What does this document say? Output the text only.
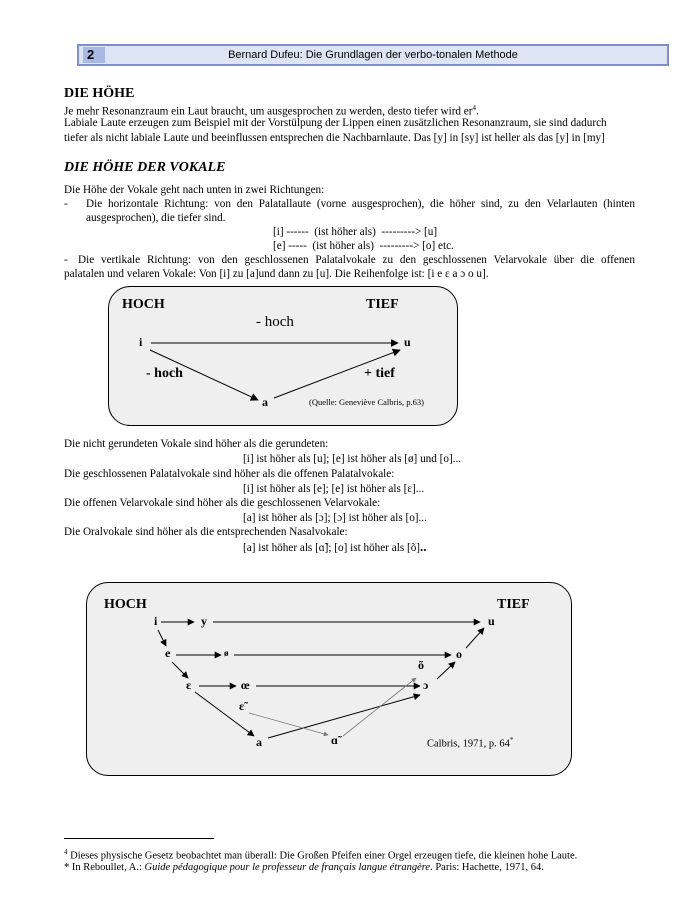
2	Bernard Dufeu: Die Grundlagen der verbo-tonalen Methode
DIE HÖHE
Je mehr Resonanzraum ein Laut braucht, um ausgesprochen zu werden, desto tiefer wird $er^4$.
Labiale Laute erzeugen zum Beispiel mit der Vorstülpung der Lippen einen zusätzlichen Resonanzraum, sie sind dadurch
tiefer als nicht labiale Laute und beeinflussen entsprechen die Nachbarnlaute. Das [y] in [sy] ist heller als das [y] in [my]
DIE HÖHE DER VOKALE
Die Höhe der Vokale geht nach unten in zwei Richtungen:
- Die horizontale Richtung: von den Palatallaute (vorne ausgesprochen), die höher sind, zu den Velarlauten (hinten
ausgesprochen), die tiefer sind.
[i] ------  (ist höher als)  ---------> [u]
[e] -----  (ist höher als)  ---------> [o] etc.
- Die vertikale Richtung: von den geschlossenen Palatalvokale zu den geschlossenen Velarvokale über die offenen
palatalen und velaren Vokale: Von [i] zu [a]und dann zu [u]. Die Reihenfolge ist: [i e ɛ a ɔ o u].
HOCH	TIEF
- hoch
i	u
- hoch	+ tief
a	(Quelle: Geneviève Calbris, p.63)
Die nicht gerundeten Vokale sind höher als die gerundeten:
[i] ist höher als [u]; [e] ist höher als [ø] und [o]...
Die geschlossenen Palatalvokale sind höher als die offenen Palatalvokale:
[i] ist höher als [e]; [e] ist höher als [ɛ]...
Die offenen Velarvokale sind höher als die geschlossenen Velarvokale:
[a] ist höher als [ɔ]; [ɔ] ist höher als [o]...
Die Oralvokale sind höher als die entsprechenden Nasalvokale:
[a] ist höher als [ɑ̃]; [o] ist höher als [õ]..
HOCH	TIEF
i	y	u
e	ø	o
ɛ	œ	ɔ
õ
ɛ̃
a	ɑ̃	Calbris, 1971, p. 64*
$^4$ Dieses physische Gesetz beobachtet man überall: Die Großen Pfeifen einer Orgel erzeugen tiefe, die kleinen hohe Laute.
* In Reboullet, A.: Guide pédagogique pour le professeur de français langue étrangère. Paris: Hachette, 1971, 64.
